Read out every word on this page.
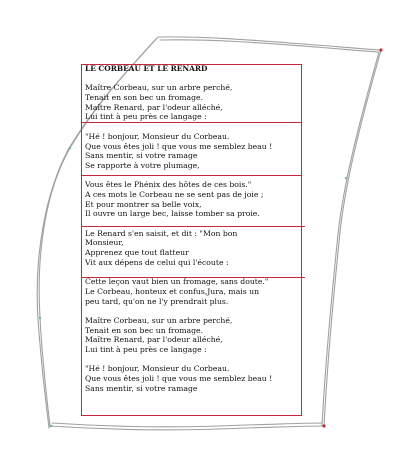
LE CORBEAU ET LE RENARD
Maître Corbeau, sur un arbre perché,
Tenait en son bec un fromage.
Maître Renard, par l'odeur alléché,
Lui tint à peu près ce langage :
"Hé ! bonjour, Monsieur du Corbeau.
Que vous êtes joli ! que vous me semblez beau !
Sans mentir, si votre ramage
Se rapporte à votre plumage,
Vous êtes le Phénix des hôtes de ces bois."
A ces mots le Corbeau ne se sent pas de joie ;
Et pour montrer sa belle voix,
Il ouvre un large bec, laisse tomber sa proie.
Le Renard s'en saisit, et dit : "Mon bon
Monsieur,
Apprenez que tout flatteur
Vit aux dépens de celui qui l'écoute :
Cette leçon vaut bien un fromage, sans doute."
Le Corbeau, honteux et confus,Jura, mais un
peu tard, qu'on ne l'y prendrait plus.
Maître Corbeau, sur un arbre perché,
Tenait en son bec un fromage.
Maître Renard, par l'odeur alléché,
Lui tint à peu près ce langage :
"Hé ! bonjour, Monsieur du Corbeau.
Que vous êtes joli ! que vous me semblez beau !
Sans mentir, si votre ramage
